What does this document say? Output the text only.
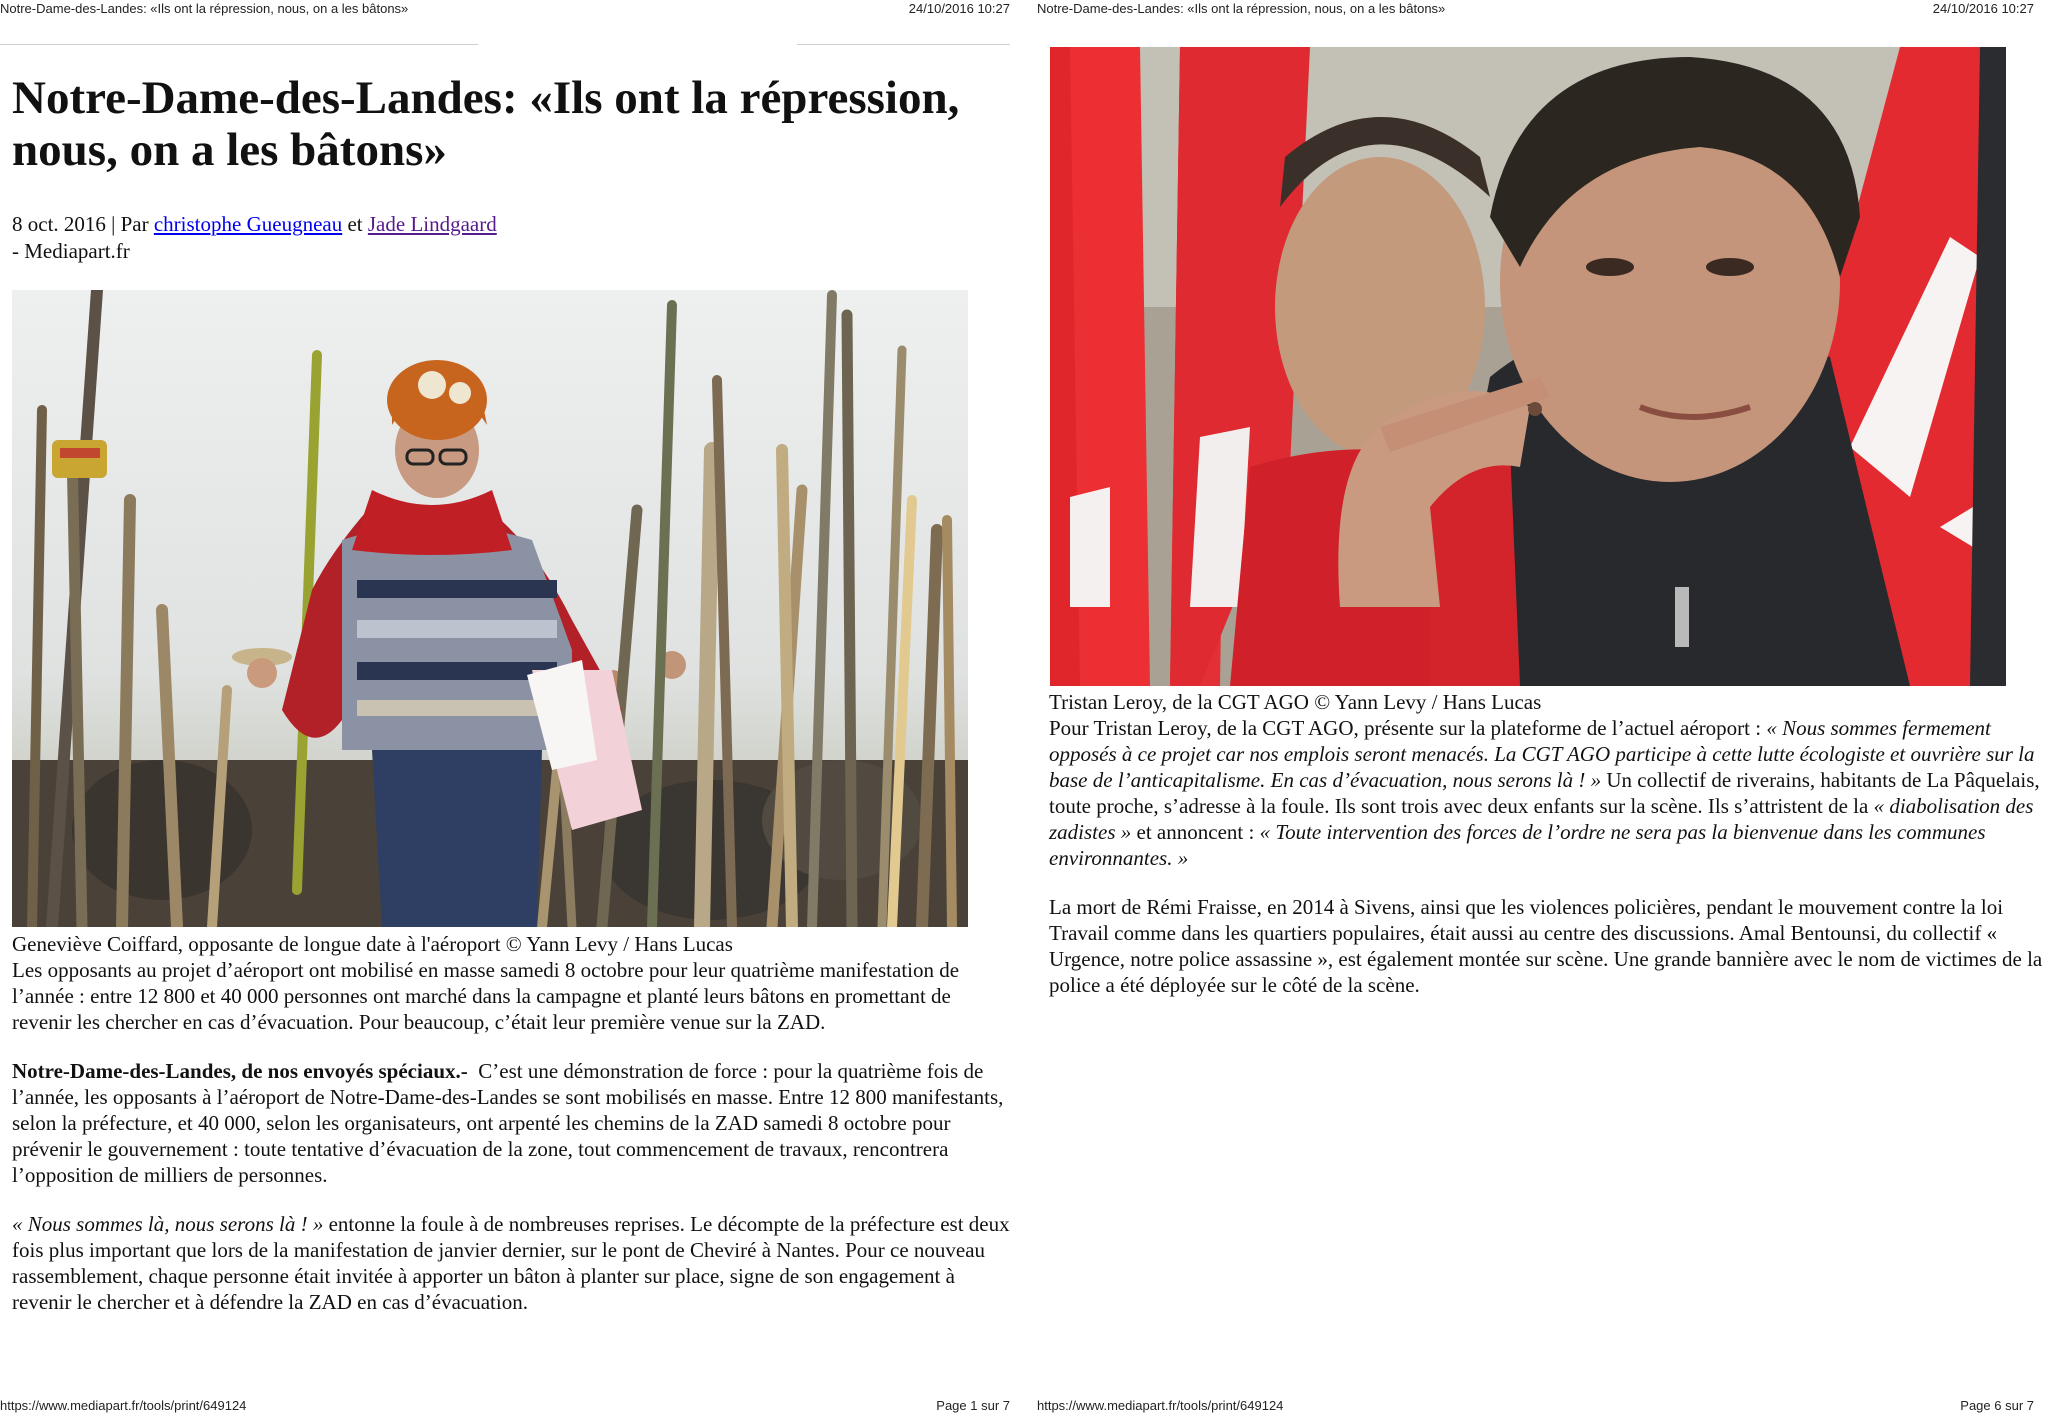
Notre-Dame-des-Landes: «Ils ont la répression, nous, on a les bâtons»	24/10/2016 10:27
Notre-Dame-des-Landes: «Ils ont la répression,
nous, on a les bâtons»
8 oct. 2016 | Par christophe Gueugneau et Jade Lindgaard
- Mediapart.fr

Geneviève Coiffard, opposante de longue date à l'aéroport © Yann Levy / Hans Lucas

Les opposants au projet d’aéroport ont mobilisé en masse samedi 8 octobre pour leur quatrième manifestation de l’année : entre 12 800 et 40 000 personnes ont marché dans la campagne et planté leurs bâtons en promettant de revenir les chercher en cas d’évacuation. Pour beaucoup, c’était leur première venue sur la ZAD.

Notre-Dame-des-Landes, de nos envoyés spéciaux.-  C’est une démonstration de force : pour la quatrième fois de l’année, les opposants à l’aéroport de Notre-Dame-des-Landes se sont mobilisés en masse. Entre 12 800 manifestants, selon la préfecture, et 40 000, selon les organisateurs, ont arpenté les chemins de la ZAD samedi 8 octobre pour prévenir le gouvernement : toute tentative d’évacuation de la zone, tout commencement de travaux, rencontrera l’opposition de milliers de personnes.

« Nous sommes là, nous serons là ! » entonne la foule à de nombreuses reprises. Le décompte de la préfecture est deux fois plus important que lors de la manifestation de janvier dernier, sur le pont de Cheviré à Nantes. Pour ce nouveau rassemblement, chaque personne était invitée à apporter un bâton à planter sur place, signe de son engagement à revenir le chercher et à défendre la ZAD en cas d’évacuation.

https://www.mediapart.fr/tools/print/649124	Page 1 sur 7
Notre-Dame-des-Landes: «Ils ont la répression, nous, on a les bâtons»	24/10/2016 10:27

Tristan Leroy, de la CGT AGO © Yann Levy / Hans Lucas

Pour Tristan Leroy, de la CGT AGO, présente sur la plateforme de l’actuel aéroport : « Nous sommes fermement opposés à ce projet car nos emplois seront menacés. La CGT AGO participe à cette lutte écologiste et ouvrière sur la base de l’anticapitalisme. En cas d’évacuation, nous serons là ! » Un collectif de riverains, habitants de La Pâquelais, toute proche, s’adresse à la foule. Ils sont trois avec deux enfants sur la scène. Ils s’attristent de la « diabolisation des zadistes » et annoncent : « Toute intervention des forces de l’ordre ne sera pas la bienvenue dans les communes environnantes. »

La mort de Rémi Fraisse, en 2014 à Sivens, ainsi que les violences policières, pendant le mouvement contre la loi Travail comme dans les quartiers populaires, était aussi au centre des discussions. Amal Bentounsi, du collectif « Urgence, notre police assassine », est également montée sur scène. Une grande bannière avec le nom de victimes de la police a été déployée sur le côté de la scène.

https://www.mediapart.fr/tools/print/649124	Page 6 sur 7
